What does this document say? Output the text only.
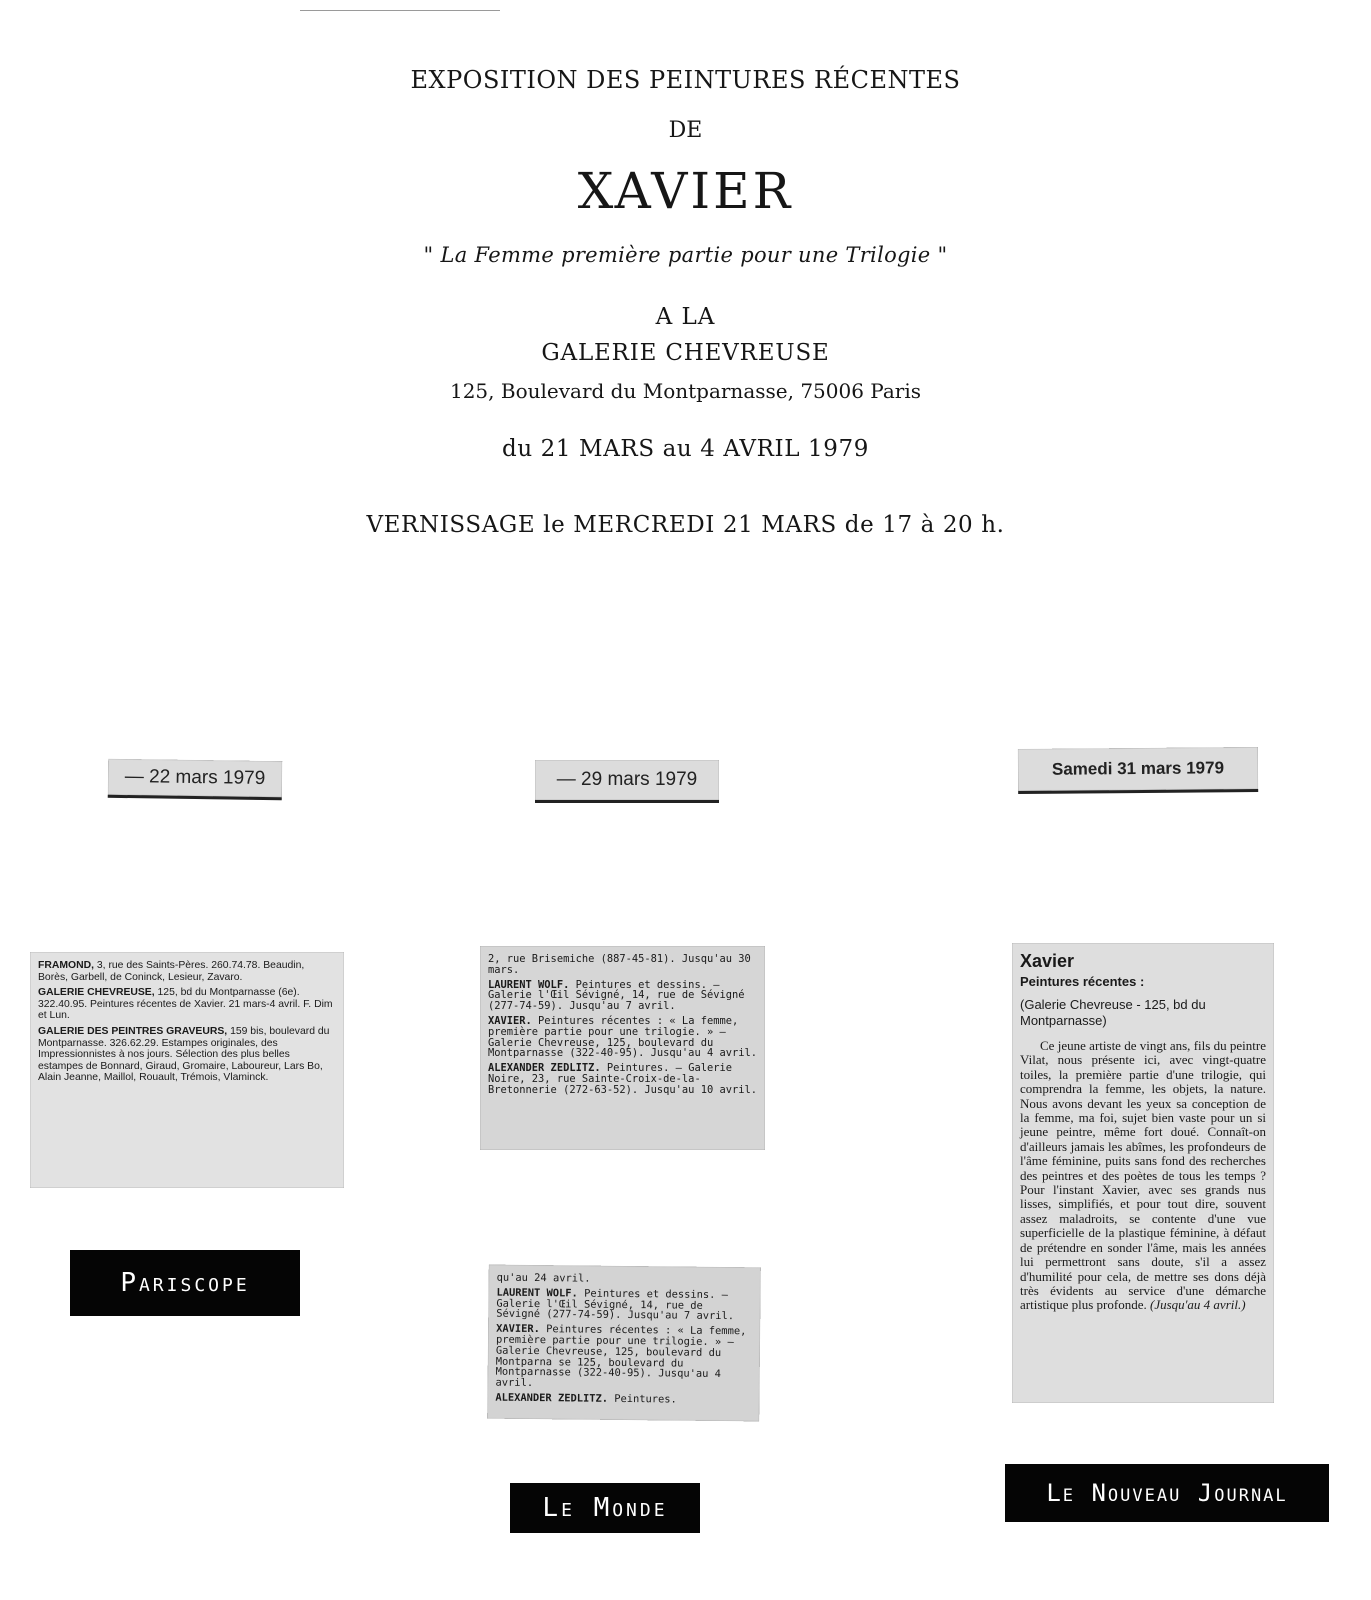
EXPOSITION DES PEINTURES RÉCENTES
DE
XAVIER
" La Femme première partie pour une Trilogie "
A LA
GALERIE CHEVREUSE
125, Boulevard du Montparnasse, 75006 Paris
du 21 MARS au 4 AVRIL 1979
VERNISSAGE le MERCREDI 21 MARS de 17 à 20 h.
— 22 mars 1979	— 29 mars 1979
Samedi 31 mars 1979

FRAMOND, 3, rue des Saints-Pères. 260.74.78. Beaudin, Borès, Garbell, de Coninck, Lesieur, Zavaro.

GALERIE CHEVREUSE, 125, bd du Montparnasse (6e). 322.40.95. Peintures récentes de Xavier. 21 mars-4 avril. F. Dim et Lun.

GALERIE DES PEINTRES GRAVEURS, 159 bis, boulevard du Montparnasse. 326.62.29. Estampes originales, des Impressionnistes à nos jours. Sélection des plus belles estampes de Bonnard, Giraud, Gromaire, Laboureur, Lars Bo, Alain Jeanne, Maillol, Rouault, Trémois, Vlaminck.

2, rue Brisemiche (887-45-81). Jusqu'au 30 mars.

LAURENT WOLF. Peintures et dessins. — Galerie l'Œil Sévigné, 14, rue de Sévigné (277-74-59). Jusqu'au 7 avril.

XAVIER. Peintures récentes : « La femme, première partie pour une trilogie. » — Galerie Chevreuse, 125, boulevard du Montparnasse (322-40-95). Jusqu'au 4 avril.

ALEXANDER ZEDLITZ. Peintures. — Galerie Noire, 23, rue Sainte-Croix-de-la-Bretonnerie (272-63-52). Jusqu'au 10 avril.

qu'au 24 avril.

LAURENT WOLF. Peintures et dessins. — Galerie l'Œil Sévigné, 14, rue de Sévigné (277-74-59). Jusqu'au 7 avril.

XAVIER. Peintures récentes : « La femme, première partie pour une trilogie. » — Galerie Chevreuse, 125, boulevard du Montparna se 125, boulevard du Montparnasse (322-40-95). Jusqu'au 4 avril.

ALEXANDER ZEDLITZ. Peintures.

Xavier
Peintures récentes :
(Galerie Chevreuse - 125, bd du Montparnasse)
Ce jeune artiste de vingt ans, fils du peintre Vilat, nous présente ici, avec vingt-quatre toiles, la première partie d'une trilogie, qui comprendra la femme, les objets, la nature. Nous avons devant les yeux sa conception de la femme, ma foi, sujet bien vaste pour un si jeune peintre, même fort doué. Connaît-on d'ailleurs jamais les abîmes, les profondeurs de l'âme féminine, puits sans fond des recherches des peintres et des poètes de tous les temps ? Pour l'instant Xavier, avec ses grands nus lisses, simplifiés, et pour tout dire, souvent assez maladroits, se contente d'une vue superficielle de la plastique féminine, à défaut de prétendre en sonder l'âme, mais les années lui permettront sans doute, s'il a assez d'humilité pour cela, de mettre ses dons déjà très évidents au service d'une démarche artistique plus profonde. (Jusqu'au 4 avril.)
Pariscope
Le Monde	Le Nouveau Journal
